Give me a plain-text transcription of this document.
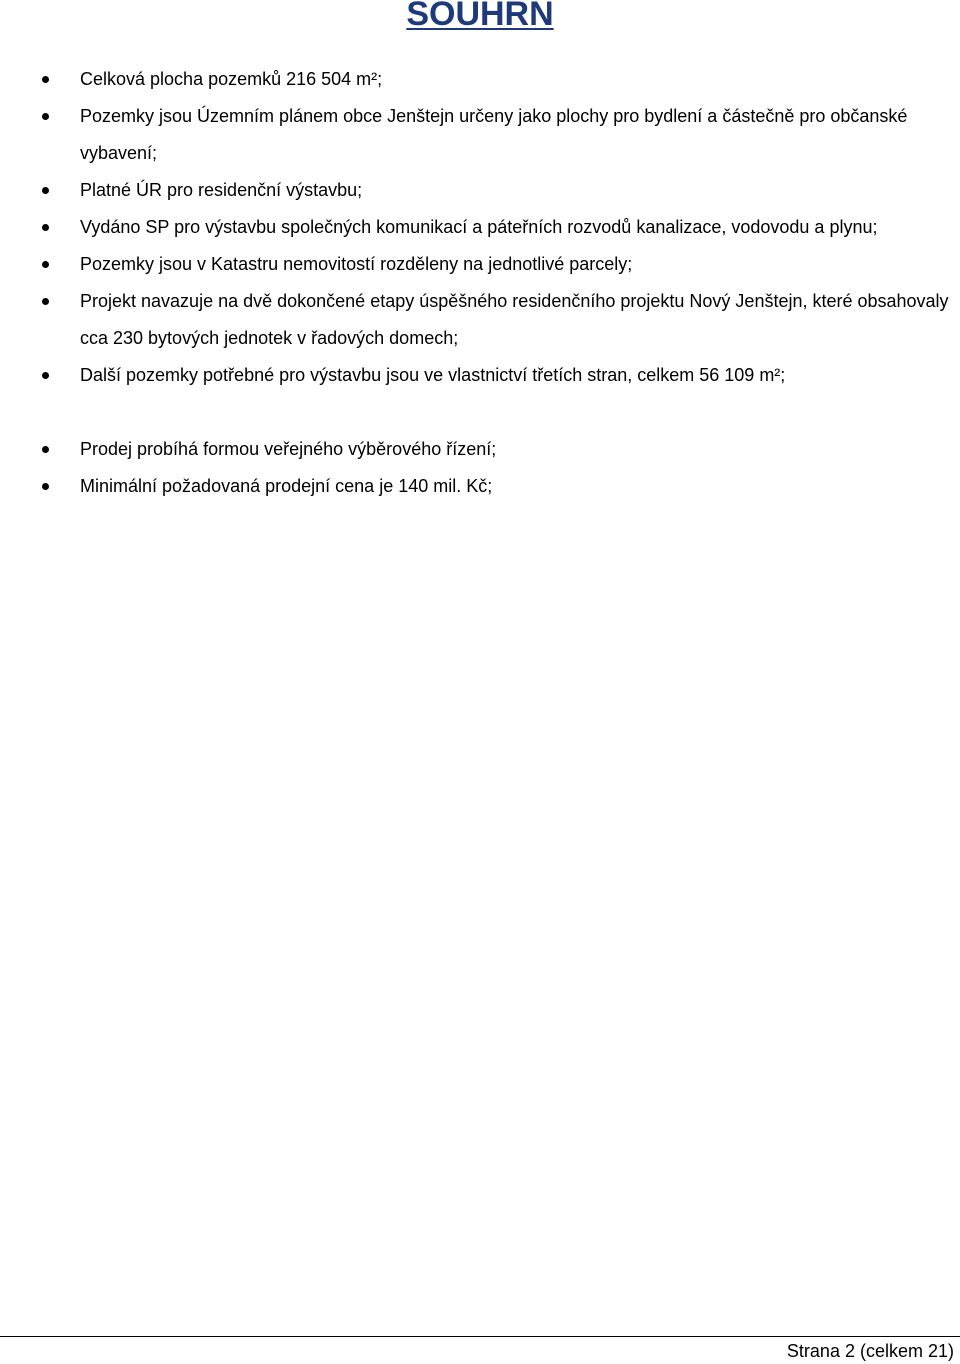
SOUHRN
Celková plocha pozemků 216 504 m²;
Pozemky jsou Územním plánem obce Jenštejn určeny jako plochy pro bydlení a částečně pro občanské vybavení;
Platné ÚR pro residenční výstavbu;
Vydáno SP pro výstavbu společných komunikací a páteřních rozvodů kanalizace, vodovodu a plynu;
Pozemky jsou v Katastru nemovitostí rozděleny na jednotlivé parcely;
Projekt navazuje na dvě dokončené etapy úspěšného residenčního projektu Nový Jenštejn, které obsahovaly cca 230 bytových jednotek v řadových domech;
Další pozemky potřebné pro výstavbu jsou ve vlastnictví třetích stran, celkem 56 109 m²;
Prodej probíhá formou veřejného výběrového řízení;
Minimální požadovaná prodejní cena je 140 mil. Kč;
Strana 2 (celkem 21)
